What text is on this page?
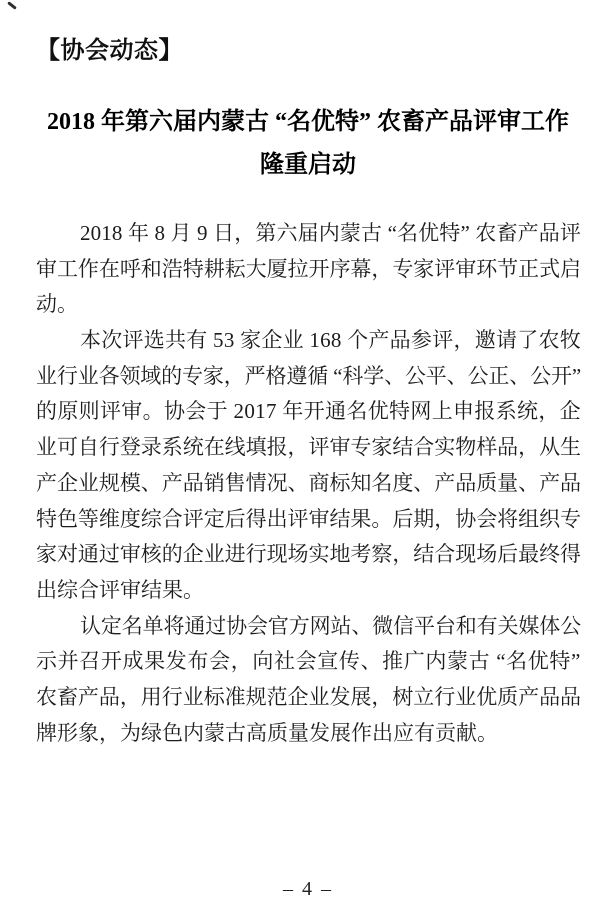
【协会动态】
2018 年第六届内蒙古 “名优特” 农畜产品评审工作
隆重启动
2018 年 8 月 9 日，第六届内蒙古 “名优特” 农畜产品评
审工作在呼和浩特耕耘大厦拉开序幕，专家评审环节正式启
动。
本次评选共有 53 家企业 168 个产品参评，邀请了农牧
业行业各领域的专家，严格遵循 “科学、公平、公正、公开”
的原则评审。协会于 2017 年开通名优特网上申报系统，企
业可自行登录系统在线填报，评审专家结合实物样品，从生
产企业规模、产品销售情况、商标知名度、产品质量、产品
特色等维度综合评定后得出评审结果。后期，协会将组织专
家对通过审核的企业进行现场实地考察，结合现场后最终得
出综合评审结果。
认定名单将通过协会官方网站、微信平台和有关媒体公
示并召开成果发布会，向社会宣传、推广内蒙古 “名优特”
农畜产品，用行业标准规范企业发展，树立行业优质产品品
牌形象，为绿色内蒙古高质量发展作出应有贡献。
– 4 –
